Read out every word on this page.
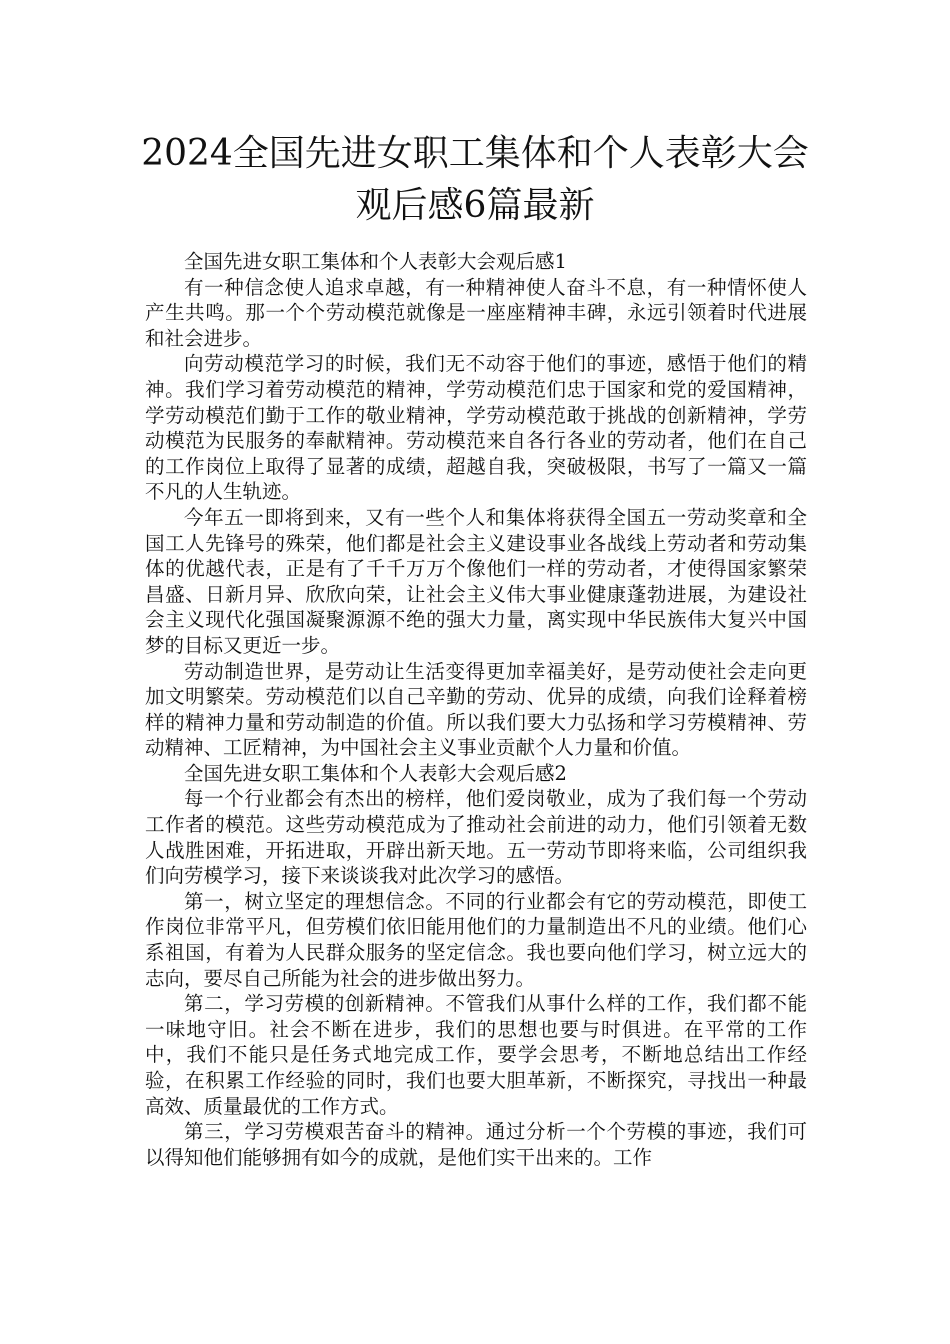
2024全国先进女职工集体和个人表彰大会
观后感6篇最新

全国先进女职工集体和个人表彰大会观后感1

有一种信念使人追求卓越，有一种精神使人奋斗不息，有一种情怀使人产生共鸣。那一个个劳动模范就像是一座座精神丰碑，永远引领着时代进展和社会进步。

向劳动模范学习的时候，我们无不动容于他们的事迹，感悟于他们的精神。我们学习着劳动模范的精神，学劳动模范们忠于国家和党的爱国精神，学劳动模范们勤于工作的敬业精神，学劳动模范敢于挑战的创新精神，学劳动模范为民服务的奉献精神。劳动模范来自各行各业的劳动者，他们在自己的工作岗位上取得了显著的成绩，超越自我，突破极限，书写了一篇又一篇不凡的人生轨迹。

今年五一即将到来，又有一些个人和集体将获得全国五一劳动奖章和全国工人先锋号的殊荣，他们都是社会主义建设事业各战线上劳动者和劳动集体的优越代表，正是有了千千万万个像他们一样的劳动者，才使得国家繁荣昌盛、日新月异、欣欣向荣，让社会主义伟大事业健康蓬勃进展，为建设社会主义现代化强国凝聚源源不绝的强大力量，离实现中华民族伟大复兴中国梦的目标又更近一步。

劳动制造世界，是劳动让生活变得更加幸福美好，是劳动使社会走向更加文明繁荣。劳动模范们以自己辛勤的劳动、优异的成绩，向我们诠释着榜样的精神力量和劳动制造的价值。所以我们要大力弘扬和学习劳模精神、劳动精神、工匠精神，为中国社会主义事业贡献个人力量和价值。

全国先进女职工集体和个人表彰大会观后感2

每一个行业都会有杰出的榜样，他们爱岗敬业，成为了我们每一个劳动工作者的模范。这些劳动模范成为了推动社会前进的动力，他们引领着无数人战胜困难，开拓进取，开辟出新天地。五一劳动节即将来临，公司组织我们向劳模学习，接下来谈谈我对此次学习的感悟。

第一，树立坚定的理想信念。不同的行业都会有它的劳动模范，即使工作岗位非常平凡，但劳模们依旧能用他们的力量制造出不凡的业绩。他们心系祖国，有着为人民群众服务的坚定信念。我也要向他们学习，树立远大的志向，要尽自己所能为社会的进步做出努力。

第二，学习劳模的创新精神。不管我们从事什么样的工作，我们都不能一味地守旧。社会不断在进步，我们的思想也要与时俱进。在平常的工作中，我们不能只是任务式地完成工作，要学会思考，不断地总结出工作经验，在积累工作经验的同时，我们也要大胆革新，不断探究，寻找出一种最高效、质量最优的工作方式。

第三，学习劳模艰苦奋斗的精神。通过分析一个个劳模的事迹，我们可以得知他们能够拥有如今的成就，是他们实干出来的。工作
